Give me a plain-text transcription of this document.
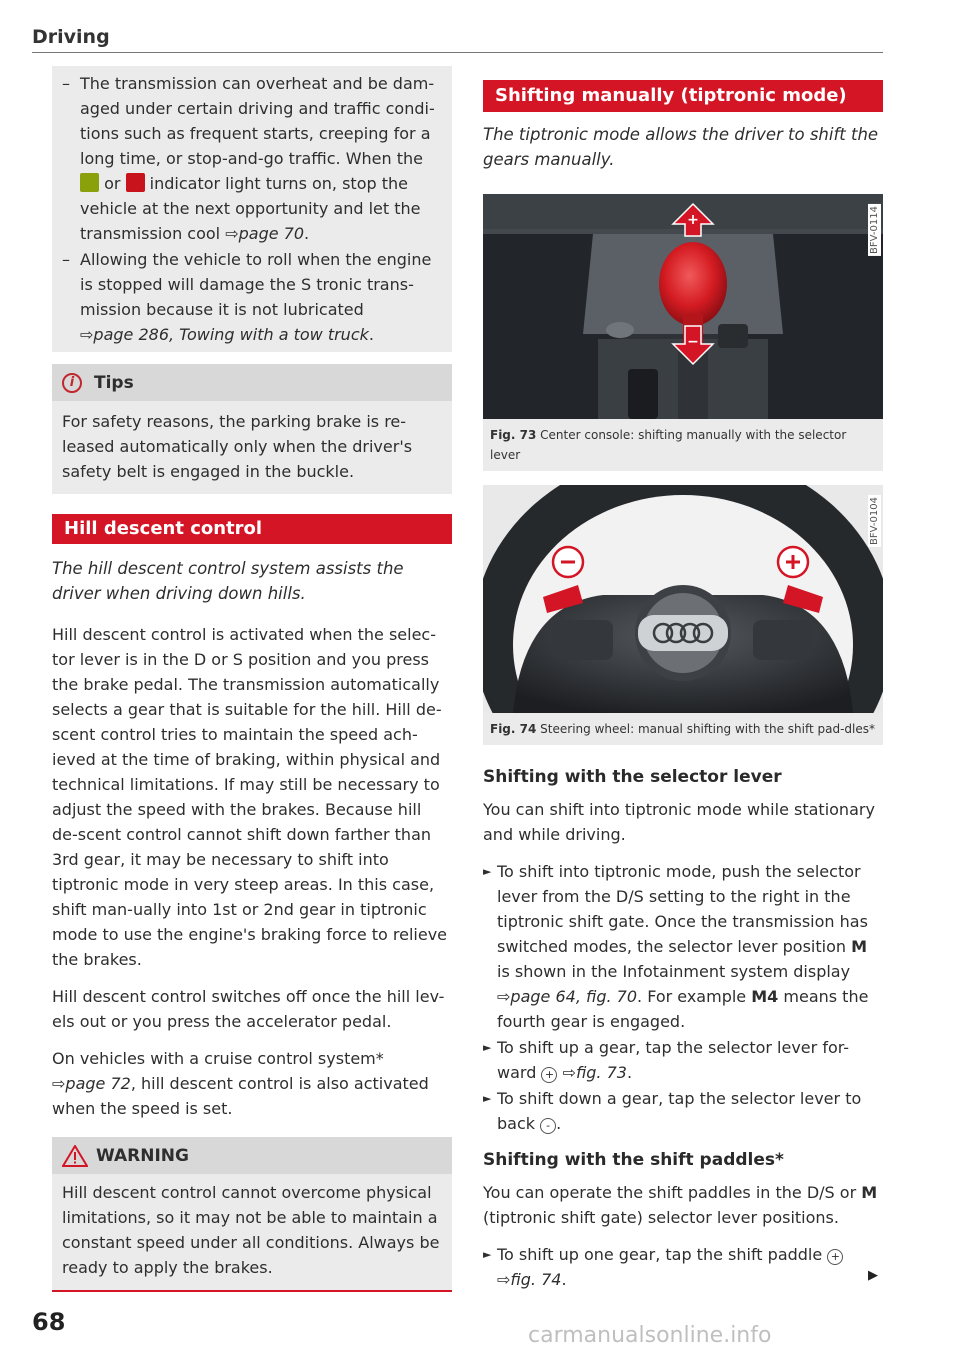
Driving
– The transmission can overheat and be dam- aged under certain driving and traffic condi- tions such as frequent starts, creeping for a long time, or stop-and-go traffic. When the  or indicator light turns on, stop the vehicle at the next opportunity and let the transmission cool ⇨page 70.
– Allowing the vehicle to roll when the engine is stopped will damage the S tronic trans- mission because it is not lubricated
⇨page 286, Towing with a tow truck.
i	Tips
For safety reasons, the parking brake is re-leased automatically only when the driver's safety belt is engaged in the buckle.
Hill descent control
The hill descent control system assists the driver when driving down hills.
Hill descent control is activated when the selec-tor lever is in the D or S position and you press the brake pedal. The transmission automatically selects a gear that is suitable for the hill. Hill de-scent control tries to maintain the speed ach-ieved at the time of braking, within physical and technical limitations. If may still be necessary to adjust the speed with the brakes. Because hill de-scent control cannot shift down farther than 3rd gear, it may be necessary to shift into tiptronic mode in very steep areas. In this case, shift man-ually into 1st or 2nd gear in tiptronic mode to use the engine's braking force to relieve the brakes.
Hill descent control switches off once the hill lev-els out or you press the accelerator pedal.
On vehicles with a cruise control system*
⇨page 72, hill descent control is also activated when the speed is set.
WARNING
Hill descent control cannot overcome physical limitations, so it may not be able to maintain a constant speed under all conditions. Always be ready to apply the brakes.
Shifting manually (tiptronic mode)
The tiptronic mode allows the driver to shift the gears manually.
+
−
BFV-0114
Fig. 73 Center console: shifting manually with the selector lever
BFV-0104
Fig. 74 Steering wheel: manual shifting with the shift pad-dles*
Shifting with the selector lever
You can shift into tiptronic mode while stationary and while driving.
► To shift into tiptronic mode, push the selector lever from the D/S setting to the right in the tiptronic shift gate. Once the transmission has switched modes, the selector lever position M is shown in the Infotainment system display ⇨page 64, fig. 70. For example M4 means the fourth gear is engaged.
► To shift up a gear, tap the selector lever for-ward + ⇨fig. 73.
► To shift down a gear, tap the selector lever to back - .
Shifting with the shift paddles*
You can operate the shift paddles in the D/S or M (tiptronic shift gate) selector lever positions.
► To shift up one gear, tap the shift paddle +
⇨fig. 74.	▶
68	carmanualsonline.info
